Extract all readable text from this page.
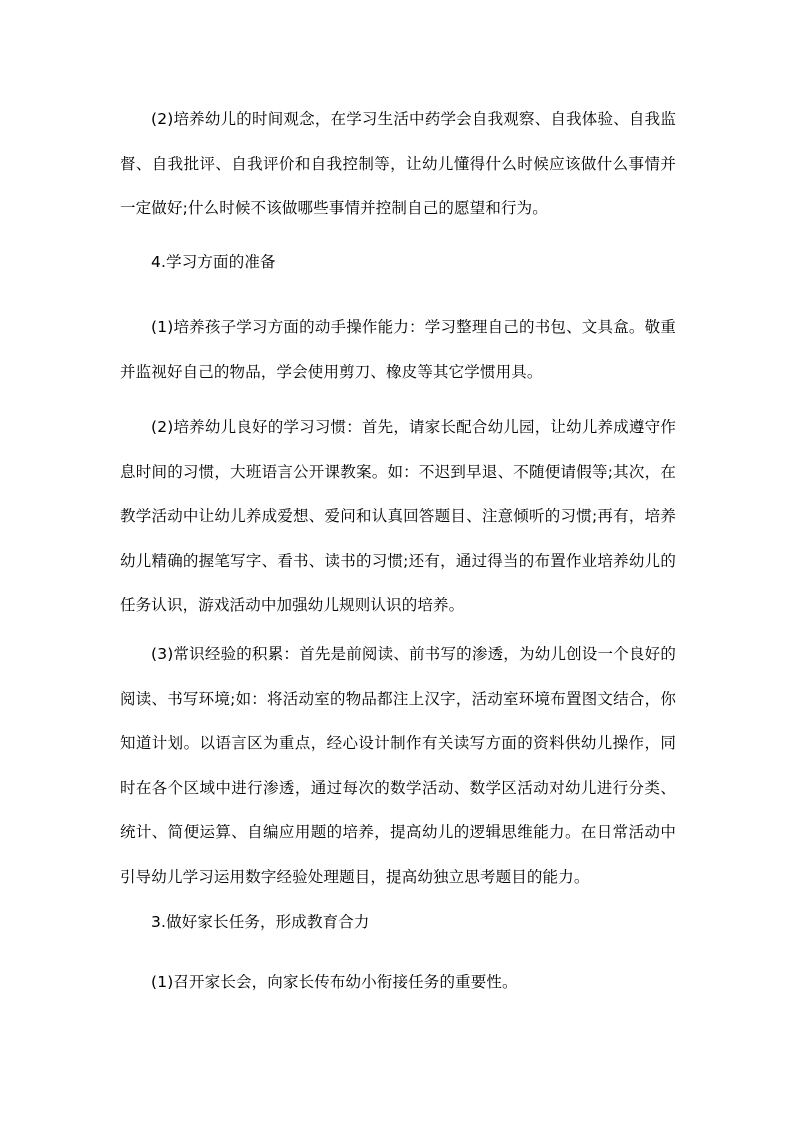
(2)培养幼儿的时间观念，在学习生活中药学会自我观察、自我体验、自我监督、自我批评、自我评价和自我控制等，让幼儿懂得什么时候应该做什么事情并一定做好;什么时候不该做哪些事情并控制自己的愿望和行为。

4.学习方面的准备

(1)培养孩子学习方面的动手操作能力：学习整理自己的书包、文具盒。敬重并监视好自己的物品，学会使用剪刀、橡皮等其它学惯用具。

(2)培养幼儿良好的学习习惯：首先，请家长配合幼儿园，让幼儿养成遵守作息时间的习惯，大班语言公开课教案。如：不迟到早退、不随便请假等;其次，在教学活动中让幼儿养成爱想、爱问和认真回答题目、注意倾听的习惯;再有，培养幼儿精确的握笔写字、看书、读书的习惯;还有，通过得当的布置作业培养幼儿的任务认识，游戏活动中加强幼儿规则认识的培养。

(3)常识经验的积累：首先是前阅读、前书写的渗透，为幼儿创设一个良好的阅读、书写环境;如：将活动室的物品都注上汉字，活动室环境布置图文结合，你知道计划。以语言区为重点，经心设计制作有关读写方面的资料供幼儿操作，同时在各个区域中进行渗透，通过每次的数学活动、数学区活动对幼儿进行分类、统计、简便运算、自编应用题的培养，提高幼儿的逻辑思维能力。在日常活动中引导幼儿学习运用数字经验处理题目，提高幼独立思考题目的能力。

3.做好家长任务，形成教育合力

(1)召开家长会，向家长传布幼小衔接任务的重要性。
